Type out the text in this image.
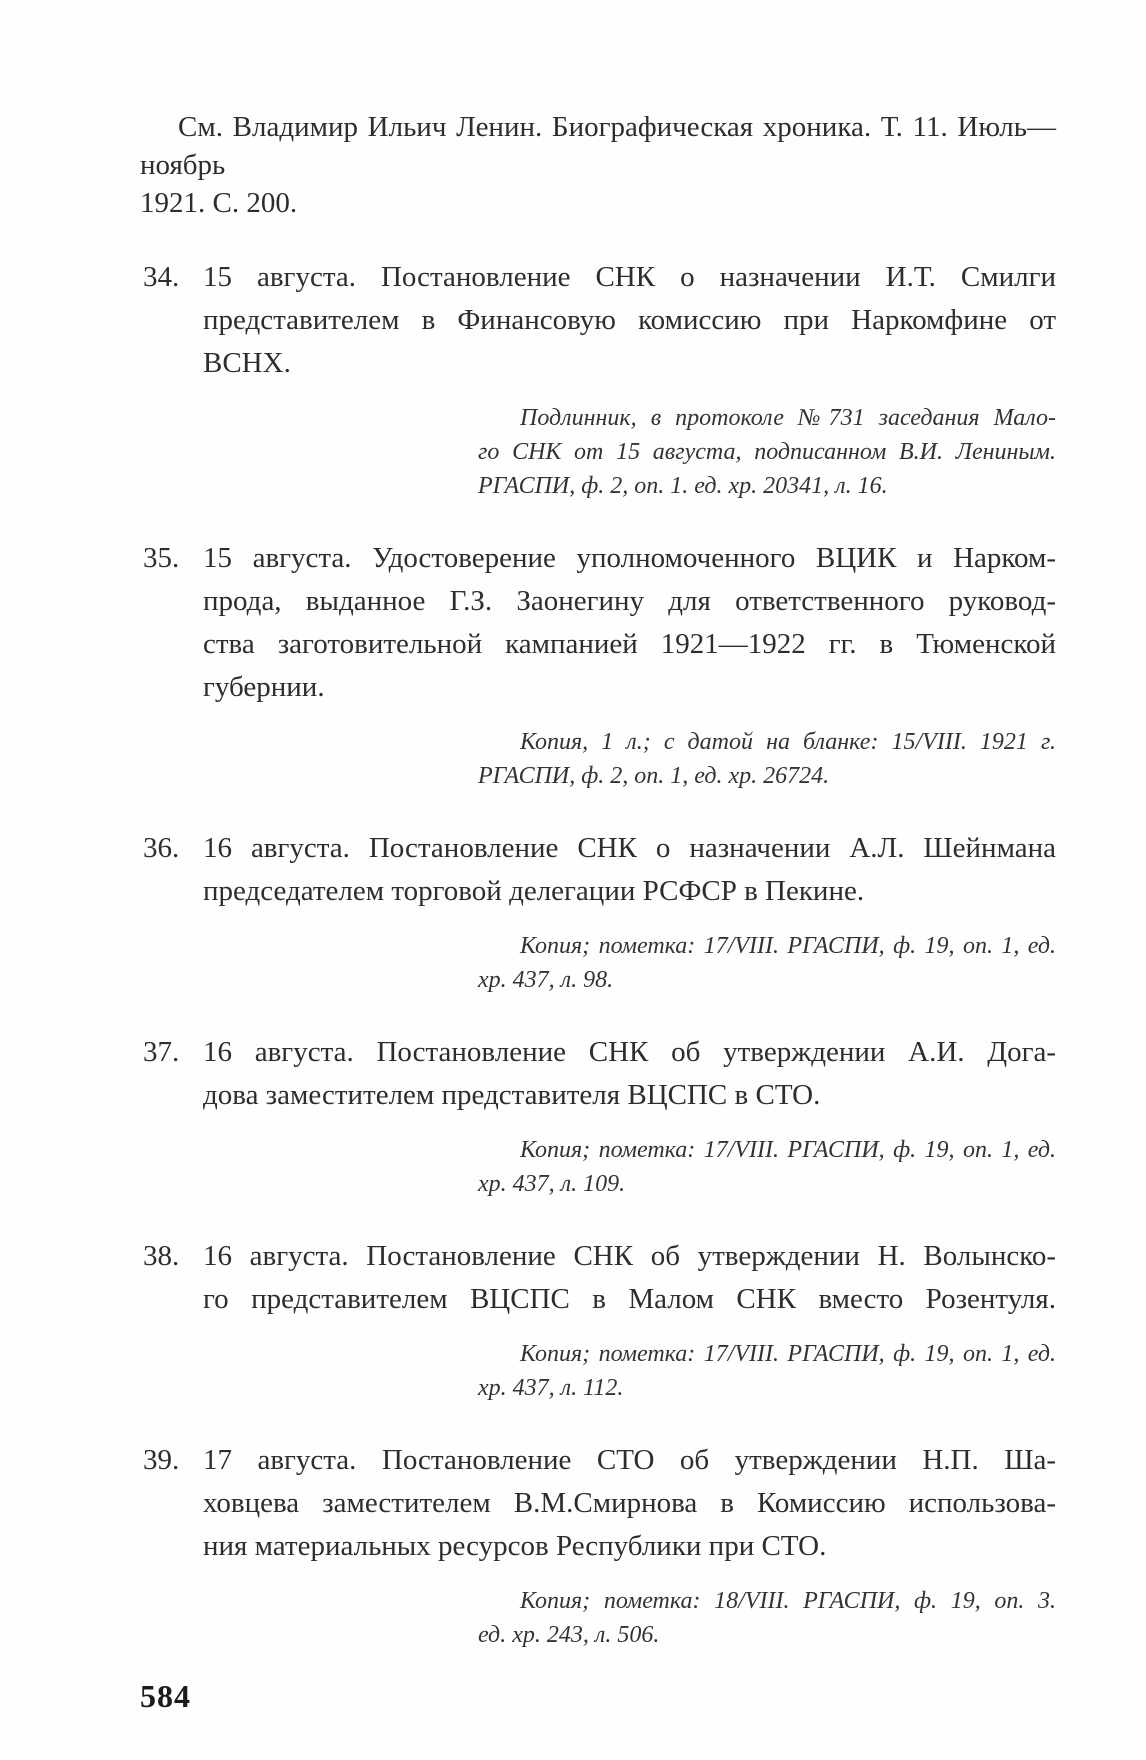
См. Владимир Ильич Ленин. Биографическая хроника. Т. 11. Июль—ноябрь
1921. С. 200.
34. 15 августа. Постановление СНК о назначении И.Т. Смилги
представителем в Финансовую комиссию при Наркомфине от
ВСНХ.
Подлинник, в протоколе №731 заседания Мало-
го СНК от 15 августа, подписанном В.И. Лениным.
РГАСПИ, ф. 2, оп. 1. ед. хр. 20341, л. 16.
35. 15 августа. Удостоверение уполномоченного ВЦИК и Нарком-
прода, выданное Г.З. Заонегину для ответственного руковод-
ства заготовительной кампанией 1921—1922 гг. в Тюменской
губернии.
Копия, 1 л.; с датой на бланке: 15/VIII. 1921 г.
РГАСПИ, ф. 2, оп. 1, ед. хр. 26724.
36. 16 августа. Постановление СНК о назначении А.Л. Шейнмана
председателем торговой делегации РСФСР в Пекине.
Копия; пометка: 17/VIII. РГАСПИ, ф. 19, оп. 1, ед.
хр. 437, л. 98.
37. 16 августа. Постановление СНК об утверждении А.И. Дога-
дова заместителем представителя ВЦСПС в СТО.
Копия; пометка: 17/VIII. РГАСПИ, ф. 19, оп. 1, ед.
хр. 437, л. 109.
38. 16 августа. Постановление СНК об утверждении Н. Волынско-
го представителем ВЦСПС в Малом СНК вместо Розентуля.
Копия; пометка: 17/VIII. РГАСПИ, ф. 19, оп. 1, ед.
хр. 437, л. 112.
39. 17 августа. Постановление СТО об утверждении Н.П. Ша-
ховцева заместителем В.М.Смирнова в Комиссию использова-
ния материальных ресурсов Республики при СТО.
Копия; пометка: 18/VIII. РГАСПИ, ф. 19, оп. 3.
ед. хр. 243, л. 506.
584
